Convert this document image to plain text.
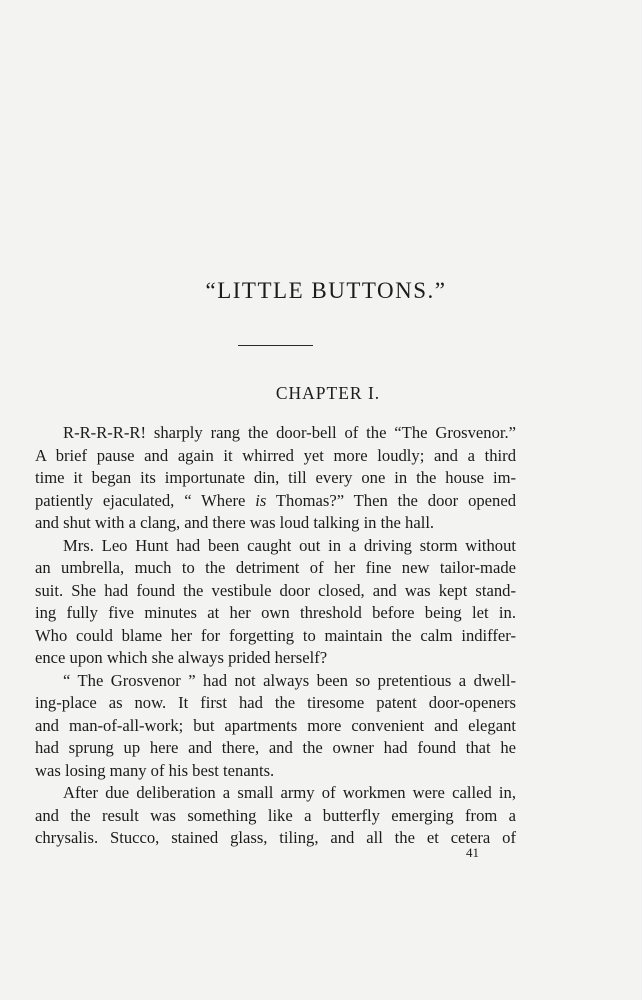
“LITTLE BUTTONS.”
CHAPTER I.

R-R-R-R-R! sharply rang the door-bell of the “The Grosvenor.”
A brief pause and again it whirred yet more loudly; and a third
time it began its importunate din, till every one in the house im-
patiently ejaculated, “ Where is Thomas?” Then the door opened
and shut with a clang, and there was loud talking in the hall.

Mrs. Leo Hunt had been caught out in a driving storm without
an umbrella, much to the detriment of her fine new tailor-made
suit. She had found the vestibule door closed, and was kept stand-
ing fully five minutes at her own threshold before being let in.
Who could blame her for forgetting to maintain the calm indiffer-
ence upon which she always prided herself?

“ The Grosvenor ” had not always been so pretentious a dwell-
ing-place as now. It first had the tiresome patent door-openers
and man-of-all-work; but apartments more convenient and elegant
had sprung up here and there, and the owner had found that he
was losing many of his best tenants.

After due deliberation a small army of workmen were called in,
and the result was something like a butterfly emerging from a
chrysalis. Stucco, stained glass, tiling, and all the et cetera of

41
